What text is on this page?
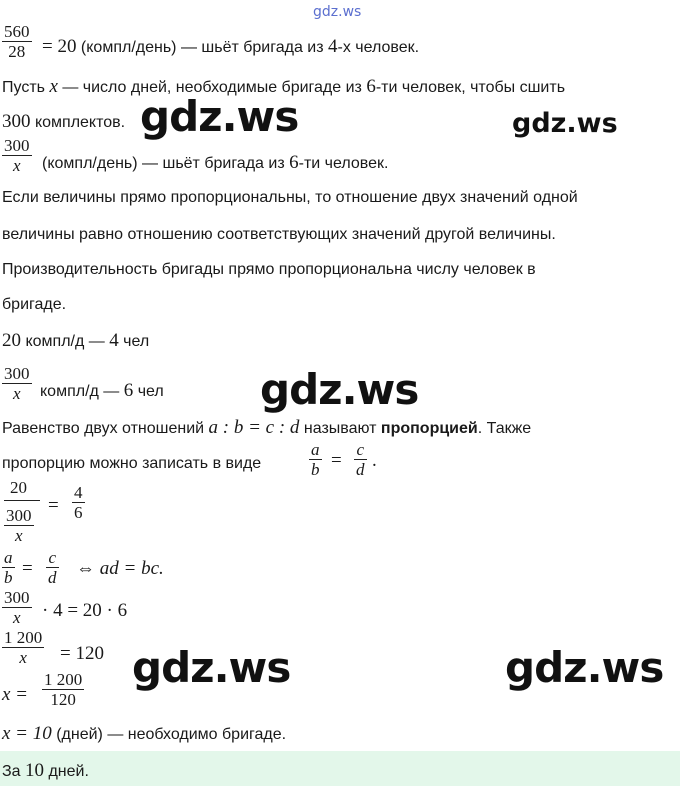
gdz.ws
gdz.ws	gdz.ws
gdz.ws
gdz.ws	gdz.ws
$\frac{560}{28} = 20$ (компл/день) — шьёт бригада из 4-х человек.
Пусть x — число дней, необходимые бригаде из 6-ти человек, чтобы сшить
300 комплектов.
$\frac{300}{x}$ (компл/день) — шьёт бригада из 6-ти человек.
Если величины прямо пропорциональны, то отношение двух значений одной
величины равно отношению соответствующих значений другой величины.
Производительность бригады прямо пропорциональна числу человек в
бригаде.
20 компл/д — 4 чел
$\frac{300}{x}$ компл/д — 6 чел
Равенство двух отношений a : b = c : d называют пропорцией. Также
пропорцию можно записать в виде	$\frac{a}{b} = \frac{c}{d}$ .
20
$\frac{300}{x}$
= $\frac{4}{6}$
$\frac{a}{b} = \frac{c}{d}$ ⇔ ad = bc.
$\frac{300}{x} \cdot 4 = 20 \cdot 6$
$\frac{1 200}{x} = 120$
$x = \frac{1 200}{120}$
x = 10 (дней) — необходимо бригаде.
За 10 дней.
